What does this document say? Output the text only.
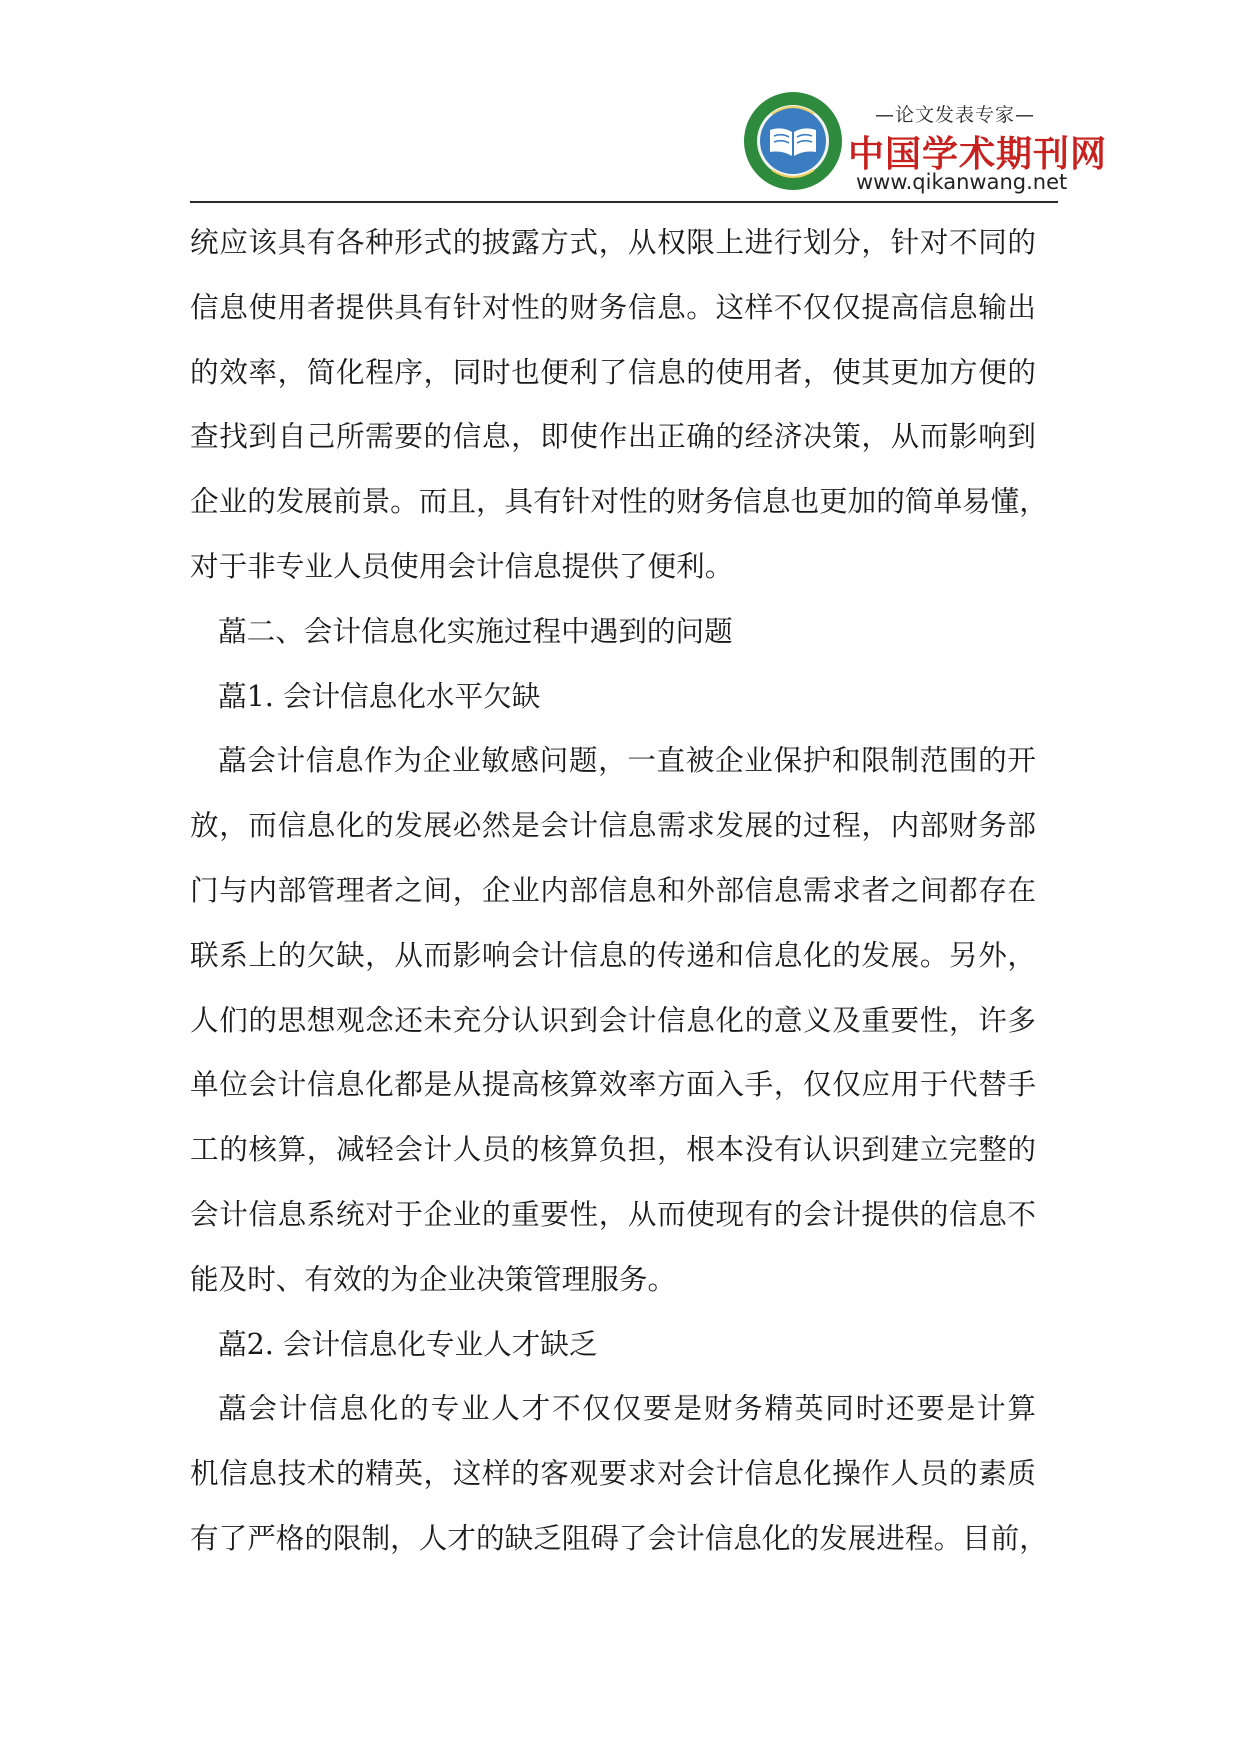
—论文发表专家—
中国学术期刊网
www.qikanwang.net
统应该具有各种形式的披露方式，从权限上进行划分，针对不同的
信息使用者提供具有针对性的财务信息。这样不仅仅提高信息输出
的效率，简化程序，同时也便利了信息的使用者，使其更加方便的
查找到自己所需要的信息，即使作出正确的经济决策，从而影响到
企业的发展前景。而且，具有针对性的财务信息也更加的简单易懂，
对于非专业人员使用会计信息提供了便利。
藠二、会计信息化实施过程中遇到的问题
藠1. 会计信息化水平欠缺
藠会计信息作为企业敏感问题，一直被企业保护和限制范围的开
放，而信息化的发展必然是会计信息需求发展的过程，内部财务部
门与内部管理者之间，企业内部信息和外部信息需求者之间都存在
联系上的欠缺，从而影响会计信息的传递和信息化的发展。另外，
人们的思想观念还未充分认识到会计信息化的意义及重要性，许多
单位会计信息化都是从提高核算效率方面入手，仅仅应用于代替手
工的核算，减轻会计人员的核算负担，根本没有认识到建立完整的
会计信息系统对于企业的重要性，从而使现有的会计提供的信息不
能及时、有效的为企业决策管理服务。
藠2. 会计信息化专业人才缺乏
藠会计信息化的专业人才不仅仅要是财务精英同时还要是计算
机信息技术的精英，这样的客观要求对会计信息化操作人员的素质
有了严格的限制，人才的缺乏阻碍了会计信息化的发展进程。目前，
